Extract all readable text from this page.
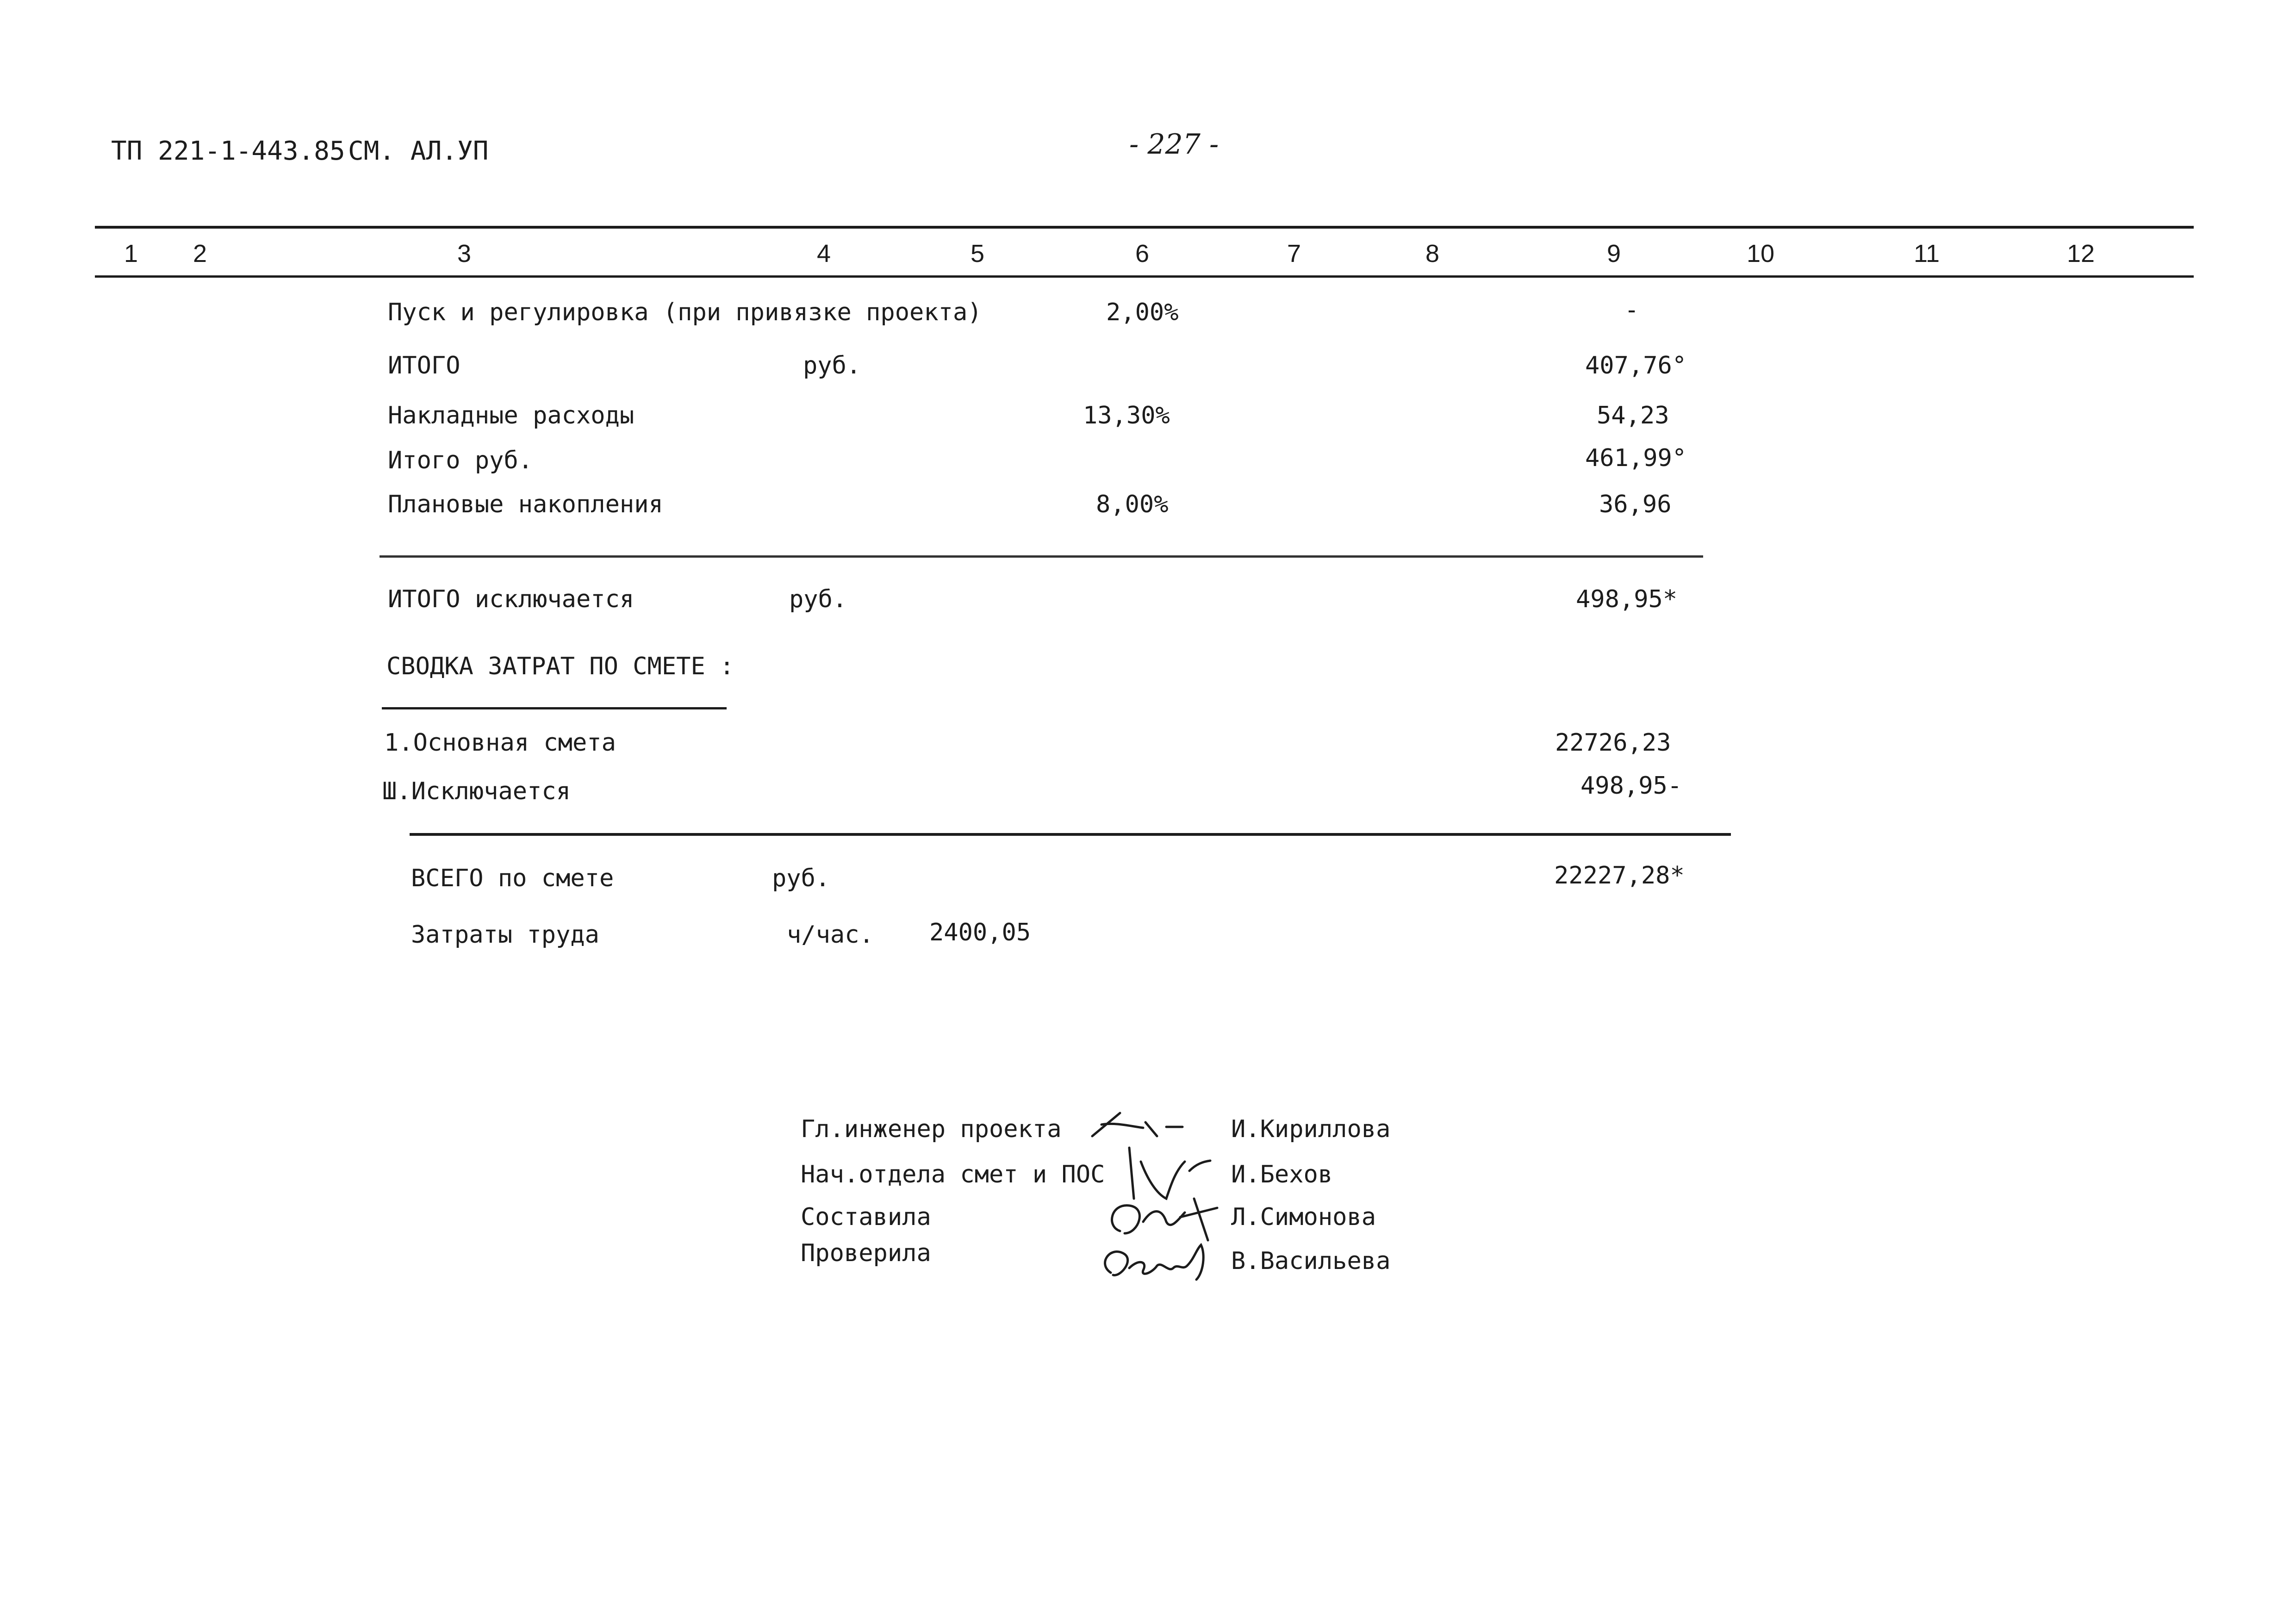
ТП 221-1-443.85 СМ. АЛ.УП	- 227 -
1 2	3	4	5	6	7	8	9	10	11	12
Пуск и регулировка (при привязке проекта)	2,00%	-
ИТОГО	руб.	407,76°
Накладные расходы	13,30%	54,23
Итого руб.	461,99°
Плановые накопления	8,00%	36,96
ИТОГО исключается	руб.	498,95*
СВОДКА ЗАТРАТ ПО СМЕТЕ :
1.Основная смета	22726,23
Ш.Исключается	498,95-
ВСЕГО по смете	руб.	22227,28*
Затраты труда	ч/час. 2400,05
Гл.инженер проекта	И.Кириллова
Нач.отдела смет и ПОС	И.Бехов
Составила	Л.Симонова
Проверила	В.Васильева
